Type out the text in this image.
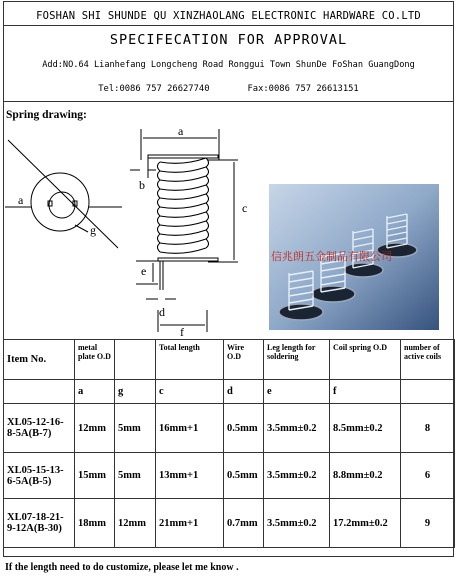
FOSHAN SHI SHUNDE QU XINZHAOLANG ELECTRONIC HARDWARE CO.LTD
SPECIFECATION FOR APPROVAL
Add:NO.64 Lianhefang Longcheng Road Ronggui Town ShunDe FoShan GuangDong
Tel:0086 757 26627740	Fax:0086 757 26613151
Spring drawing:
a
g
a
b
c
e
d
f
信兆朗五金制品有限公司
Item No.	metal plate O.D		Total length	Wire O.D	Leg length for soldering	Coil spring O.D	number of active coils
	a	g	c	d	e	f	
XL05-12-16-8-5A(B-7)	12mm	5mm	16mm+1	0.5mm	3.5mm±0.2	8.5mm±0.2	8
XL05-15-13-6-5A(B-5)	15mm	5mm	13mm+1	0.5mm	3.5mm±0.2	8.8mm±0.2	6
XL07-18-21-9-12A(B-30)	18mm	12mm	21mm+1	0.7mm	3.5mm±0.2	17.2mm±0.2	9
If the length need to do customize, please let me know .
